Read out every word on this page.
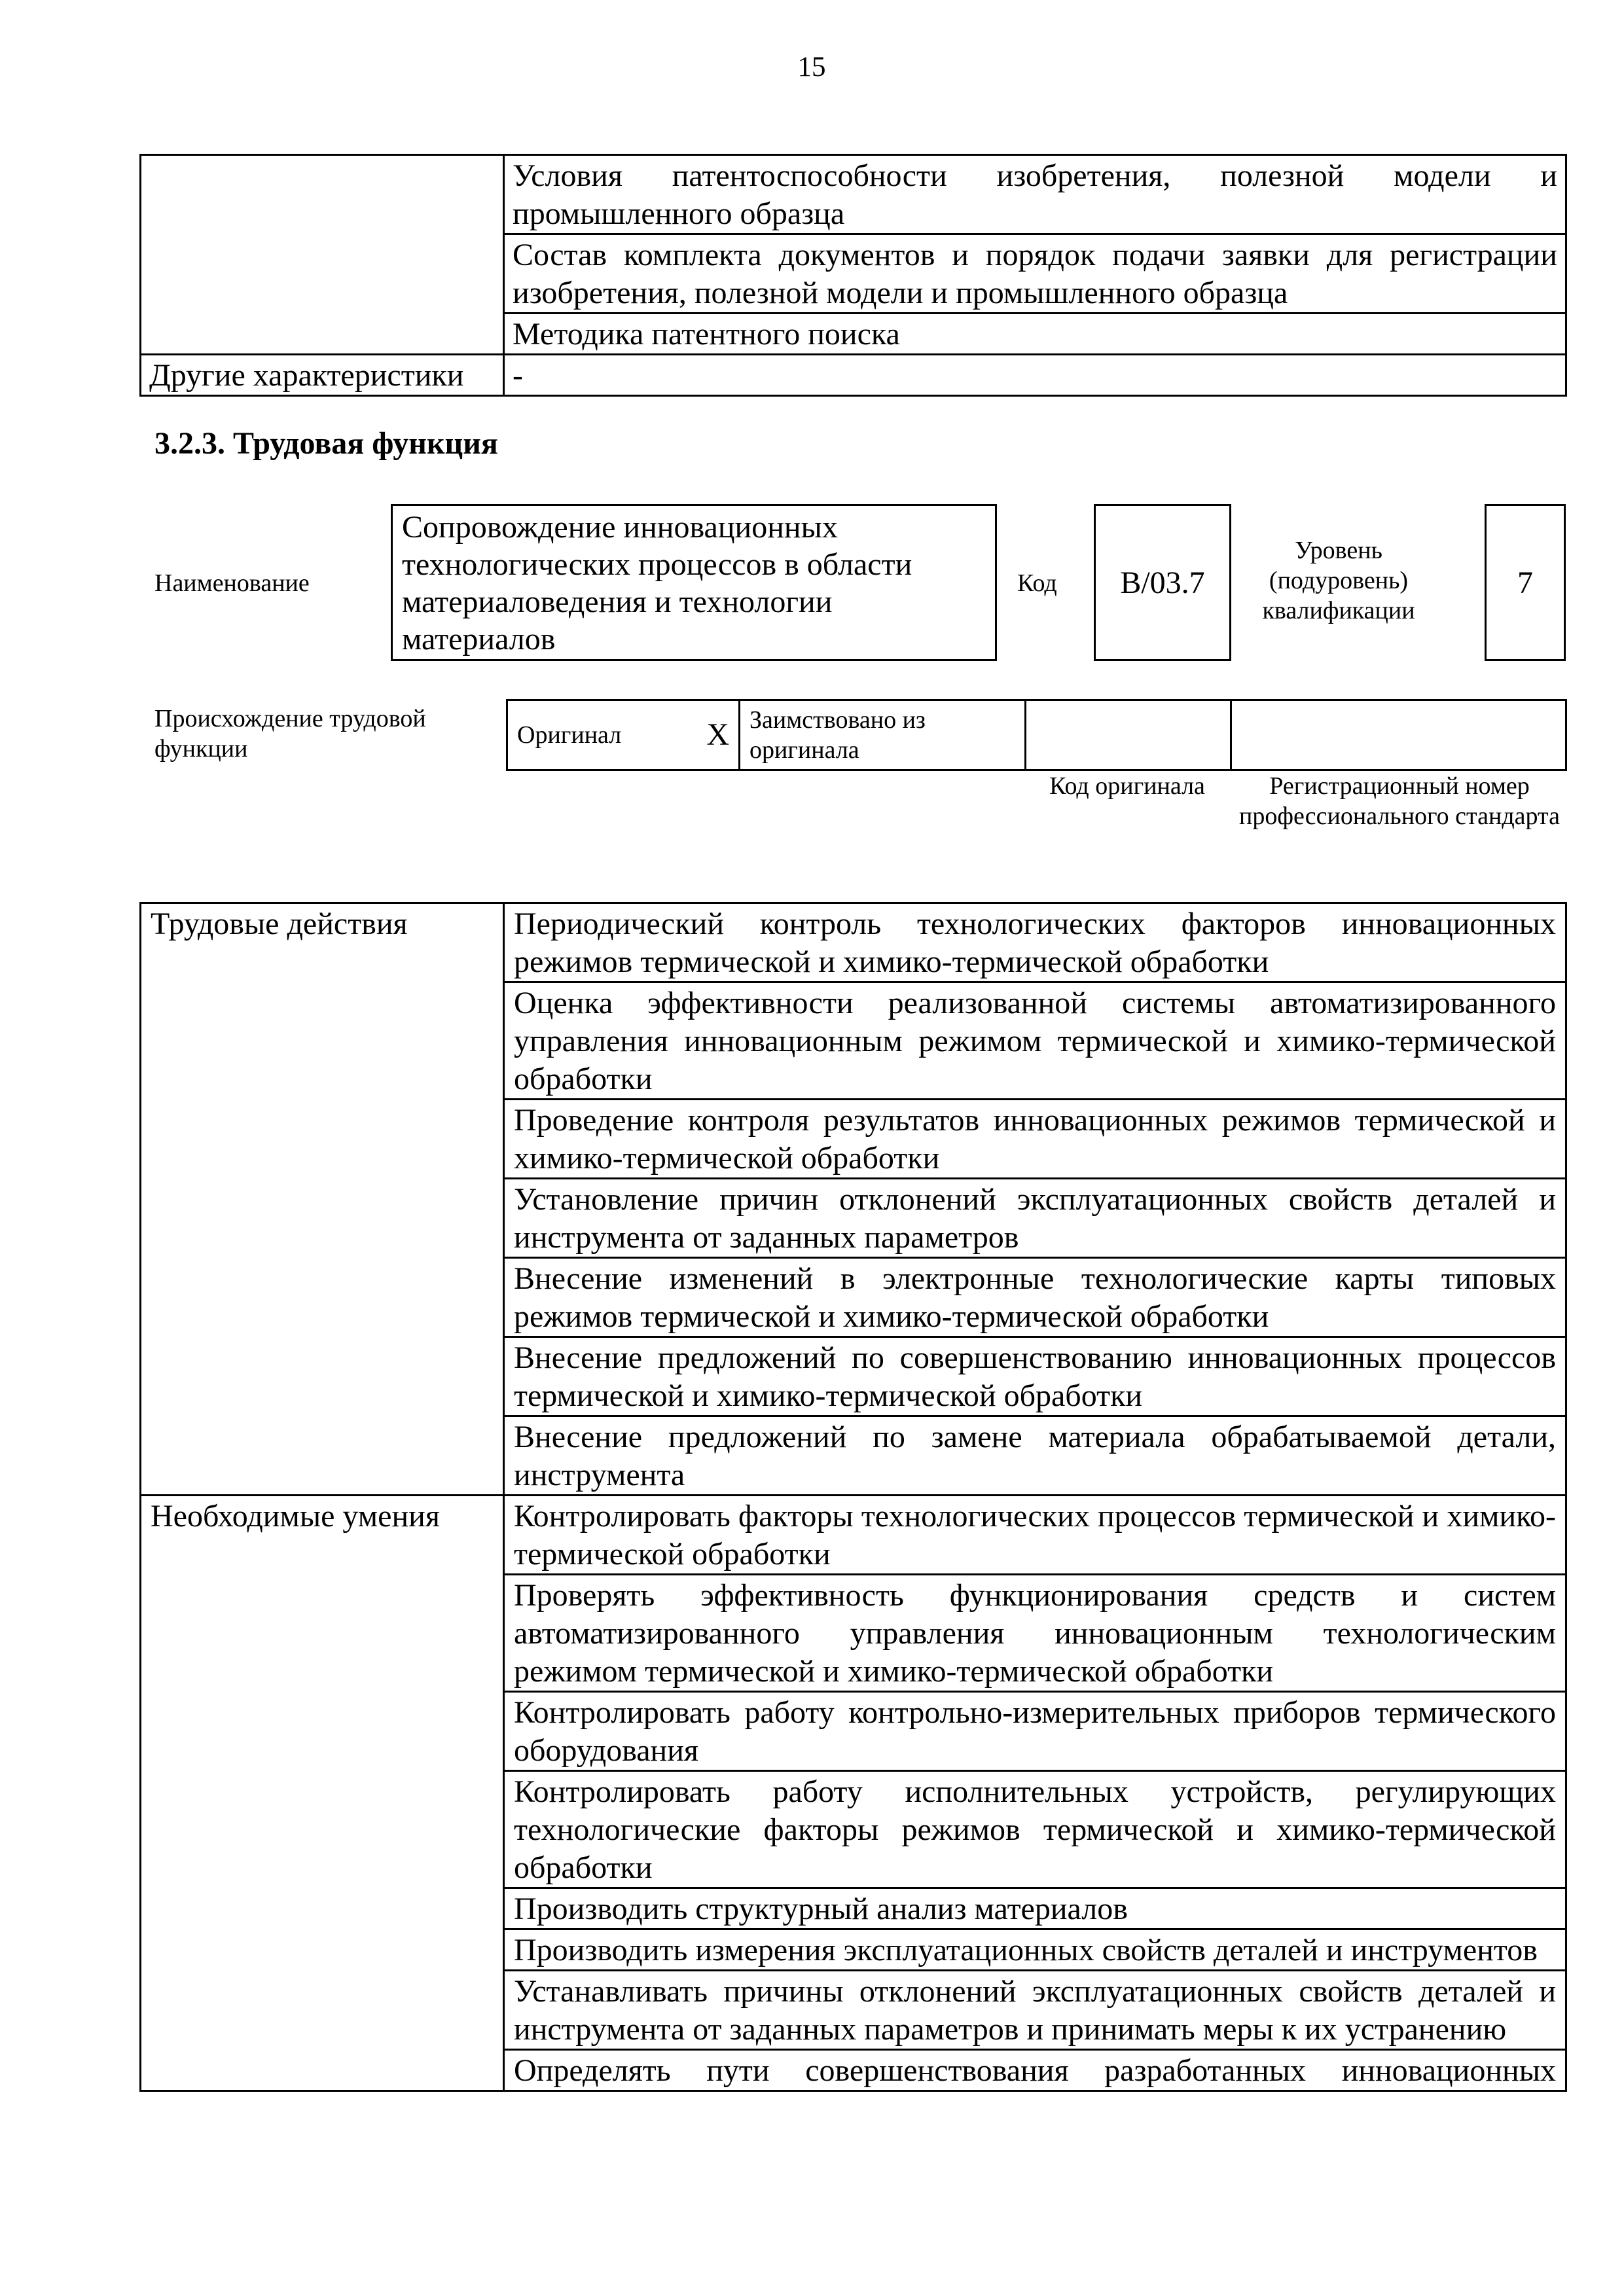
15
	Условия патентоспособности изобретения, полезной модели и промышленного образца
	Состав комплекта документов и порядок подачи заявки для регистрации изобретения, полезной модели и промышленного образца
	Методика патентного поиска
Другие характеристики	-
3.2.3. Трудовая функция
Наименование
Сопровождение инновационных технологических процессов в области материаловедения и технологии материалов
Код B/03.7
Уровень (подуровень) квалификации
7
Происхождение трудовой функции	Оригинал	X	Заимствовано из оригинала		
Код оригинала	Регистрационный номер профессионального стандарта
Трудовые действия	Периодический контроль технологических факторов инновационных режимов термической и химико-термической обработки
	Оценка эффективности реализованной системы автоматизированного управления инновационным режимом термической и химико-термической обработки
	Проведение контроля результатов инновационных режимов термической и химико-термической обработки
	Установление причин отклонений эксплуатационных свойств деталей и инструмента от заданных параметров
	Внесение изменений в электронные технологические карты типовых режимов термической и химико-термической обработки
	Внесение предложений по совершенствованию инновационных процессов термической и химико-термической обработки
	Внесение предложений по замене материала обрабатываемой детали, инструмента
Необходимые умения	Контролировать факторы технологических процессов термической и химико-термической обработки
	Проверять эффективность функционирования средств и систем автоматизированного управления инновационным технологическим режимом термической и химико-термической обработки
	Контролировать работу контрольно-измерительных приборов термического оборудования
	Контролировать работу исполнительных устройств, регулирующих технологические факторы режимов термической и химико-термической обработки
	Производить структурный анализ материалов
	Производить измерения эксплуатационных свойств деталей и инструментов
	Устанавливать причины отклонений эксплуатационных свойств деталей и инструмента от заданных параметров и принимать меры к их устранению
	Определять пути совершенствования разработанных инновационных
